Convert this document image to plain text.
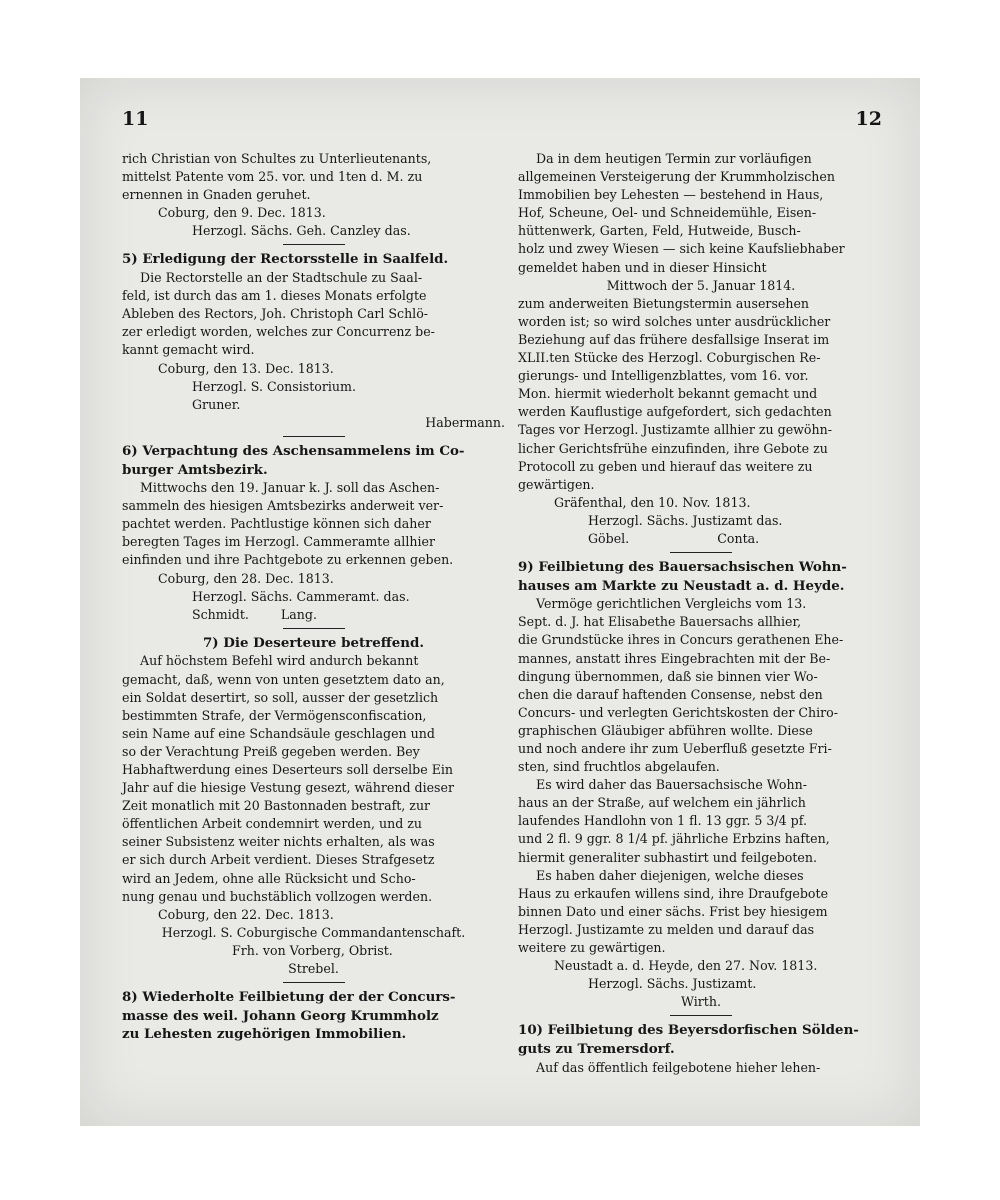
11	12

rich Christian von Schultes zu Unterlieutenants,

mittelst Patente vom 25. vor. und 1ten d. M. zu

ernennen in Gnaden geruhet.

Coburg, den 9. Dec. 1813.

Herzogl. Sächs. Geh. Canzley das.

5) Erledigung der Rectorsstelle in Saalfeld.

Die Rectorstelle an der Stadtschule zu Saal-

feld, ist durch das am 1. dieses Monats erfolgte

Ableben des Rectors, Joh. Christoph Carl Schlö-

zer erledigt worden, welches zur Concurrenz be-

kannt gemacht wird.

Coburg, den 13. Dec. 1813.

Herzogl. S. Consistorium.

Gruner.

Habermann.

6) Verpachtung des Aschensammelens im Co-

burger Amtsbezirk.

Mittwochs den 19. Januar k. J. soll das Aschen-

sammeln des hiesigen Amtsbezirks anderweit ver-

pachtet werden. Pachtlustige können sich daher

beregten Tages im Herzogl. Cammeramte allhier

einfinden und ihre Pachtgebote zu erkennen geben.

Coburg, den 28. Dec. 1813.

Herzogl. Sächs. Cammeramt. das.

Schmidt.	Lang.

7) Die Deserteure betreffend.

Auf höchstem Befehl wird andurch bekannt

gemacht, daß, wenn von unten gesetztem dato an,

ein Soldat desertirt, so soll, ausser der gesetzlich

bestimmten Strafe, der Vermögensconfiscation,

sein Name auf eine Schandsäule geschlagen und

so der Verachtung Preiß gegeben werden. Bey

Habhaftwerdung eines Deserteurs soll derselbe Ein

Jahr auf die hiesige Vestung gesezt, während dieser

Zeit monatlich mit 20 Bastonnaden bestraft, zur

öffentlichen Arbeit condemnirt werden, und zu

seiner Subsistenz weiter nichts erhalten, als was

er sich durch Arbeit verdient. Dieses Strafgesetz

wird an Jedem, ohne alle Rücksicht und Scho-

nung genau und buchstäblich vollzogen werden.

Coburg, den 22. Dec. 1813.

Herzogl. S. Coburgische Commandantenschaft.

Frh. von Vorberg, Obrist.

Strebel.

8) Wiederholte Feilbietung der der Concurs-

masse des weil. Johann Georg Krummholz

zu Lehesten zugehörigen Immobilien.

Da in dem heutigen Termin zur vorläufigen

allgemeinen Versteigerung der Krummholzischen

Immobilien bey Lehesten — bestehend in Haus,

Hof, Scheune, Oel- und Schneidemühle, Eisen-

hüttenwerk, Garten, Feld, Hutweide, Busch-

holz und zwey Wiesen — sich keine Kaufsliebhaber

gemeldet haben und in dieser Hinsicht

Mittwoch der 5. Januar 1814.

zum anderweiten Bietungstermin ausersehen

worden ist; so wird solches unter ausdrücklicher

Beziehung auf das frühere desfallsige Inserat im

XLII.ten Stücke des Herzogl. Coburgischen Re-

gierungs- und Intelligenzblattes, vom 16. vor.

Mon. hiermit wiederholt bekannt gemacht und

werden Kauflustige aufgefordert, sich gedachten

Tages vor Herzogl. Justizamte allhier zu gewöhn-

licher Gerichtsfrühe einzufinden, ihre Gebote zu

Protocoll zu geben und hierauf das weitere zu

gewärtigen.

Gräfenthal, den 10. Nov. 1813.

Herzogl. Sächs. Justizamt das.

Göbel.	Conta.

9) Feilbietung des Bauersachsischen Wohn-

hauses am Markte zu Neustadt a. d. Heyde.

Vermöge gerichtlichen Vergleichs vom 13.

Sept. d. J. hat Elisabethe Bauersachs allhier,

die Grundstücke ihres in Concurs gerathenen Ehe-

mannes, anstatt ihres Eingebrachten mit der Be-

dingung übernommen, daß sie binnen vier Wo-

chen die darauf haftenden Consense, nebst den

Concurs- und verlegten Gerichtskosten der Chiro-

graphischen Gläubiger abführen wollte. Diese

und noch andere ihr zum Ueberfluß gesetzte Fri-

sten, sind fruchtlos abgelaufen.

Es wird daher das Bauersachsische Wohn-

haus an der Straße, auf welchem ein jährlich

laufendes Handlohn von 1 fl. 13 ggr. 5 3/4 pf.

und 2 fl. 9 ggr. 8 1/4 pf. jährliche Erbzins haften,

hiermit generaliter subhastirt und feilgeboten.

Es haben daher diejenigen, welche dieses

Haus zu erkaufen willens sind, ihre Draufgebote

binnen Dato und einer sächs. Frist bey hiesigem

Herzogl. Justizamte zu melden und darauf das

weitere zu gewärtigen.

Neustadt a. d. Heyde, den 27. Nov. 1813.

Herzogl. Sächs. Justizamt.

Wirth.

10) Feilbietung des Beyersdorfischen Sölden-

guts zu Tremersdorf.

Auf das öffentlich feilgebotene hieher lehen-
